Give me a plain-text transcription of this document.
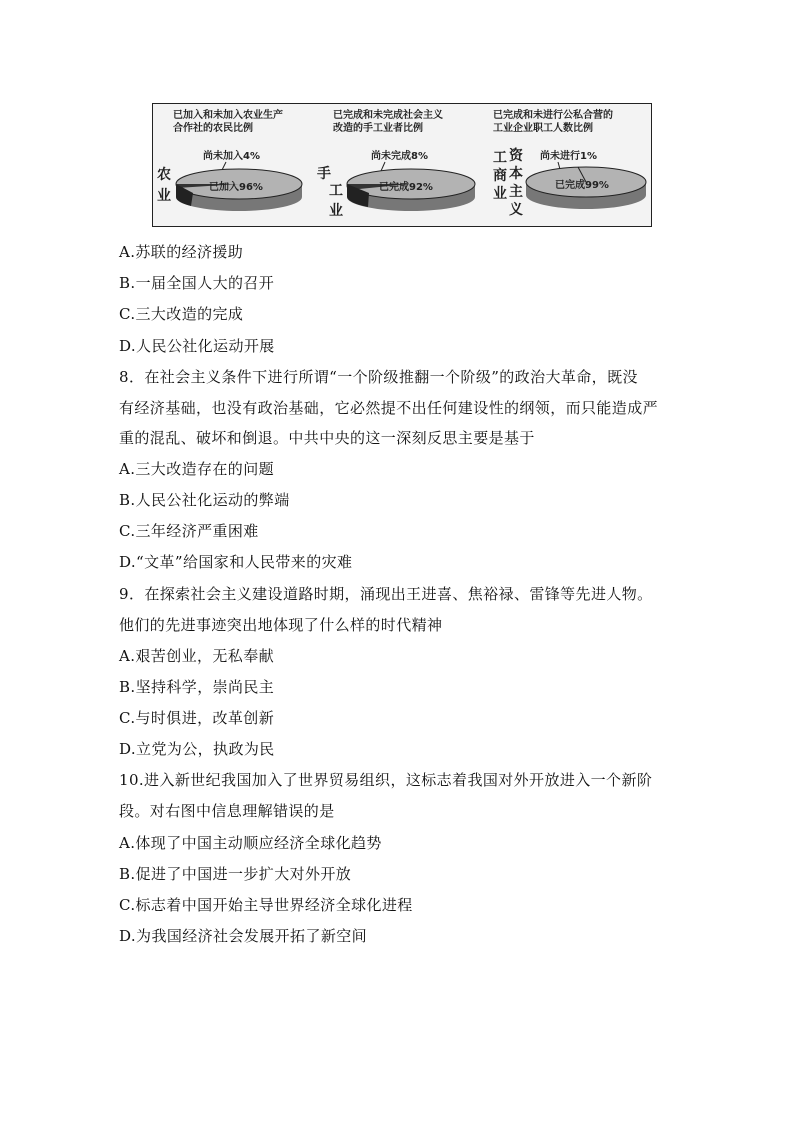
已加入和未加入农业生产
合作社的农民比例
尚未加入4%
农
业
已加入96%
已完成和未完成社会主义
改造的手工业者比例
尚未完成8%
手
工
业
已完成92%
已完成和未进行公私合营的
工业企业职工人数比例
尚未进行1%
工
商
业
资
本
主
义
已完成99%
A.苏联的经济援助
B.一届全国人大的召开
C.三大改造的完成
D.人民公社化运动开展
8．在社会主义条件下进行所谓“一个阶级推翻一个阶级”的政治大革命，既没
有经济基础，也没有政治基础，它必然提不出任何建设性的纲领，而只能造成严
重的混乱、破坏和倒退。中共中央的这一深刻反思主要是基于
A.三大改造存在的问题
B.人民公社化运动的弊端
C.三年经济严重困难
D.“文革”给国家和人民带来的灾难
9．在探索社会主义建设道路时期，涌现出王进喜、焦裕禄、雷锋等先进人物。
他们的先进事迹突出地体现了什么样的时代精神
A.艰苦创业，无私奉献
B.坚持科学，崇尚民主
C.与时俱进，改革创新
D.立党为公，执政为民
10.进入新世纪我国加入了世界贸易组织，这标志着我国对外开放进入一个新阶
段。对右图中信息理解错误的是
A.体现了中国主动顺应经济全球化趋势
B.促进了中国进一步扩大对外开放
C.标志着中国开始主导世界经济全球化进程
D.为我国经济社会发展开拓了新空间
